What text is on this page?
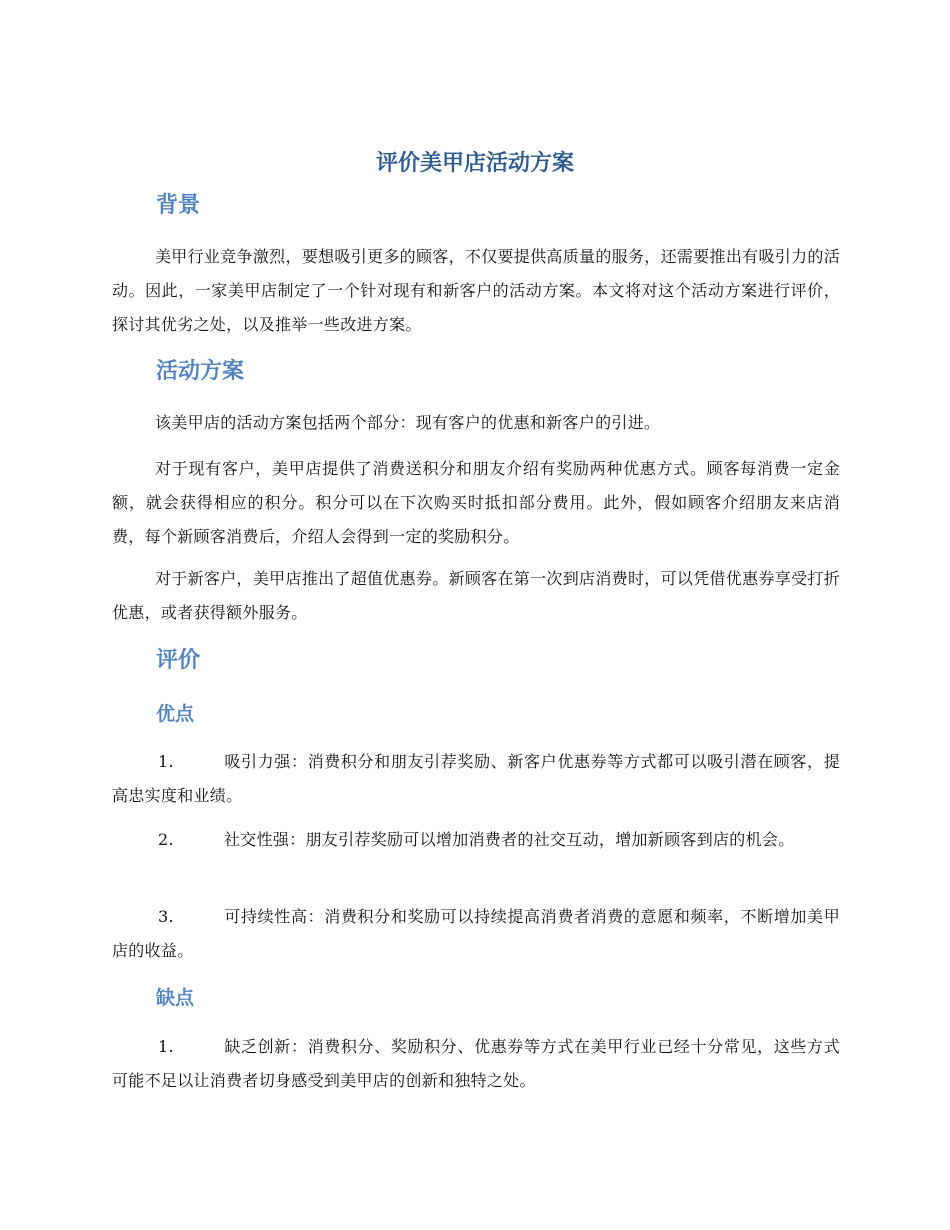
评价美甲店活动方案
背景

美甲行业竞争激烈，要想吸引更多的顾客，不仅要提供高质量的服务，还需要推出有吸引力的活动。因此，一家美甲店制定了一个针对现有和新客户的活动方案。本文将对这个活动方案进行评价，探讨其优劣之处，以及推举一些改进方案。

活动方案

该美甲店的活动方案包括两个部分：现有客户的优惠和新客户的引进。

对于现有客户，美甲店提供了消费送积分和朋友介绍有奖励两种优惠方式。顾客每消费一定金额，就会获得相应的积分。积分可以在下次购买时抵扣部分费用。此外，假如顾客介绍朋友来店消费，每个新顾客消费后，介绍人会得到一定的奖励积分。

对于新客户，美甲店推出了超值优惠券。新顾客在第一次到店消费时，可以凭借优惠券享受打折优惠，或者获得额外服务。

评价
优点

1.	吸引力强：消费积分和朋友引荐奖励、新客户优惠券等方式都可以吸引潜在顾客，提高忠实度和业绩。

2.	社交性强：朋友引荐奖励可以增加消费者的社交互动，增加新顾客到店的机会。

3.	可持续性高：消费积分和奖励可以持续提高消费者消费的意愿和频率，不断增加美甲店的收益。

缺点

1.	缺乏创新：消费积分、奖励积分、优惠券等方式在美甲行业已经十分常见，这些方式可能不足以让消费者切身感受到美甲店的创新和独特之处。
